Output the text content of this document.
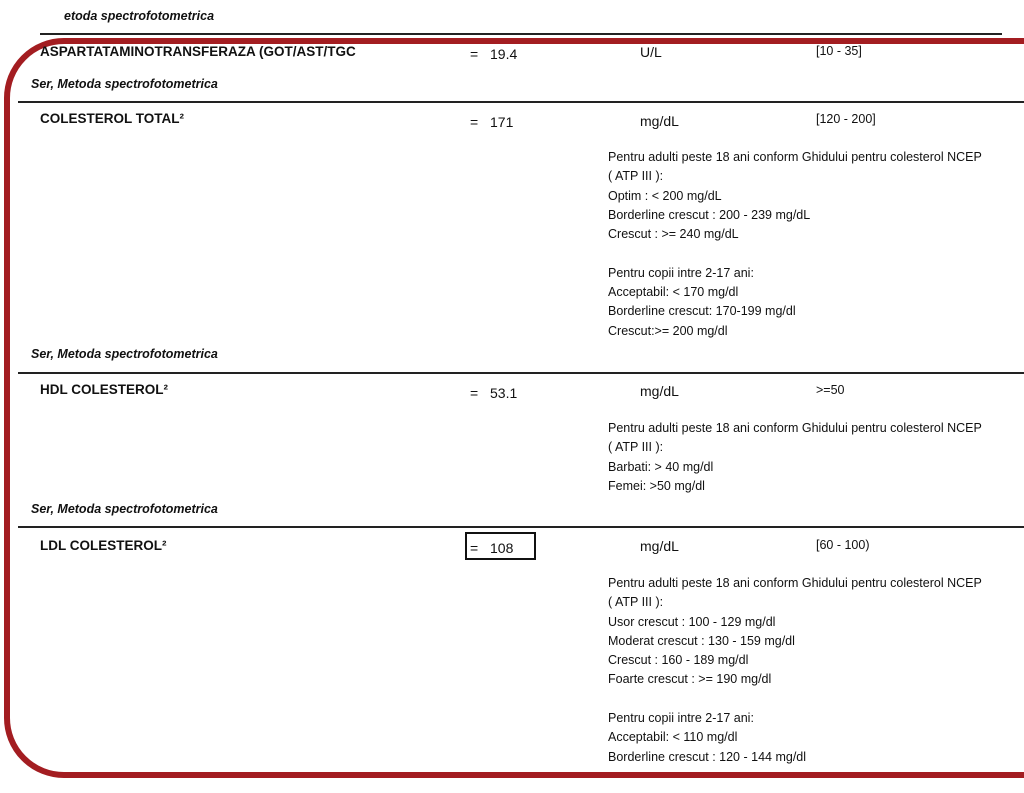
etoda spectrofotometrica
ASPARTATAMINOTRANSFERAZA (GOT/AST/TGC	= 19.4	U/L	[10 - 35]
Ser, Metoda spectrofotometrica
COLESTEROL TOTAL²	= 171	mg/dL	[120 - 200]
Pentru adulti peste 18 ani conform Ghidului pentru colesterol NCEP
( ATP III ):
Optim : < 200 mg/dL
Borderline crescut : 200 - 239 mg/dL
Crescut : >= 240 mg/dL

Pentru copii intre 2-17 ani:
Acceptabil: < 170 mg/dl
Borderline crescut: 170-199 mg/dl
Crescut:>= 200 mg/dl
Ser, Metoda spectrofotometrica
HDL COLESTEROL²	= 53.1	mg/dL	>=50
Pentru adulti peste 18 ani conform Ghidului pentru colesterol NCEP
( ATP III ):
Barbati: > 40 mg/dl
Femei: >50 mg/dl
Ser, Metoda spectrofotometrica
LDL COLESTEROL²	= 108	mg/dL	[60 - 100)
Pentru adulti peste 18 ani conform Ghidului pentru colesterol NCEP
( ATP III ):
Usor crescut : 100 - 129 mg/dl
Moderat crescut : 130 - 159 mg/dl
Crescut : 160 - 189 mg/dl
Foarte crescut : >= 190 mg/dl

Pentru copii intre 2-17 ani:
Acceptabil: < 110 mg/dl
Borderline crescut : 120 - 144 mg/dl
